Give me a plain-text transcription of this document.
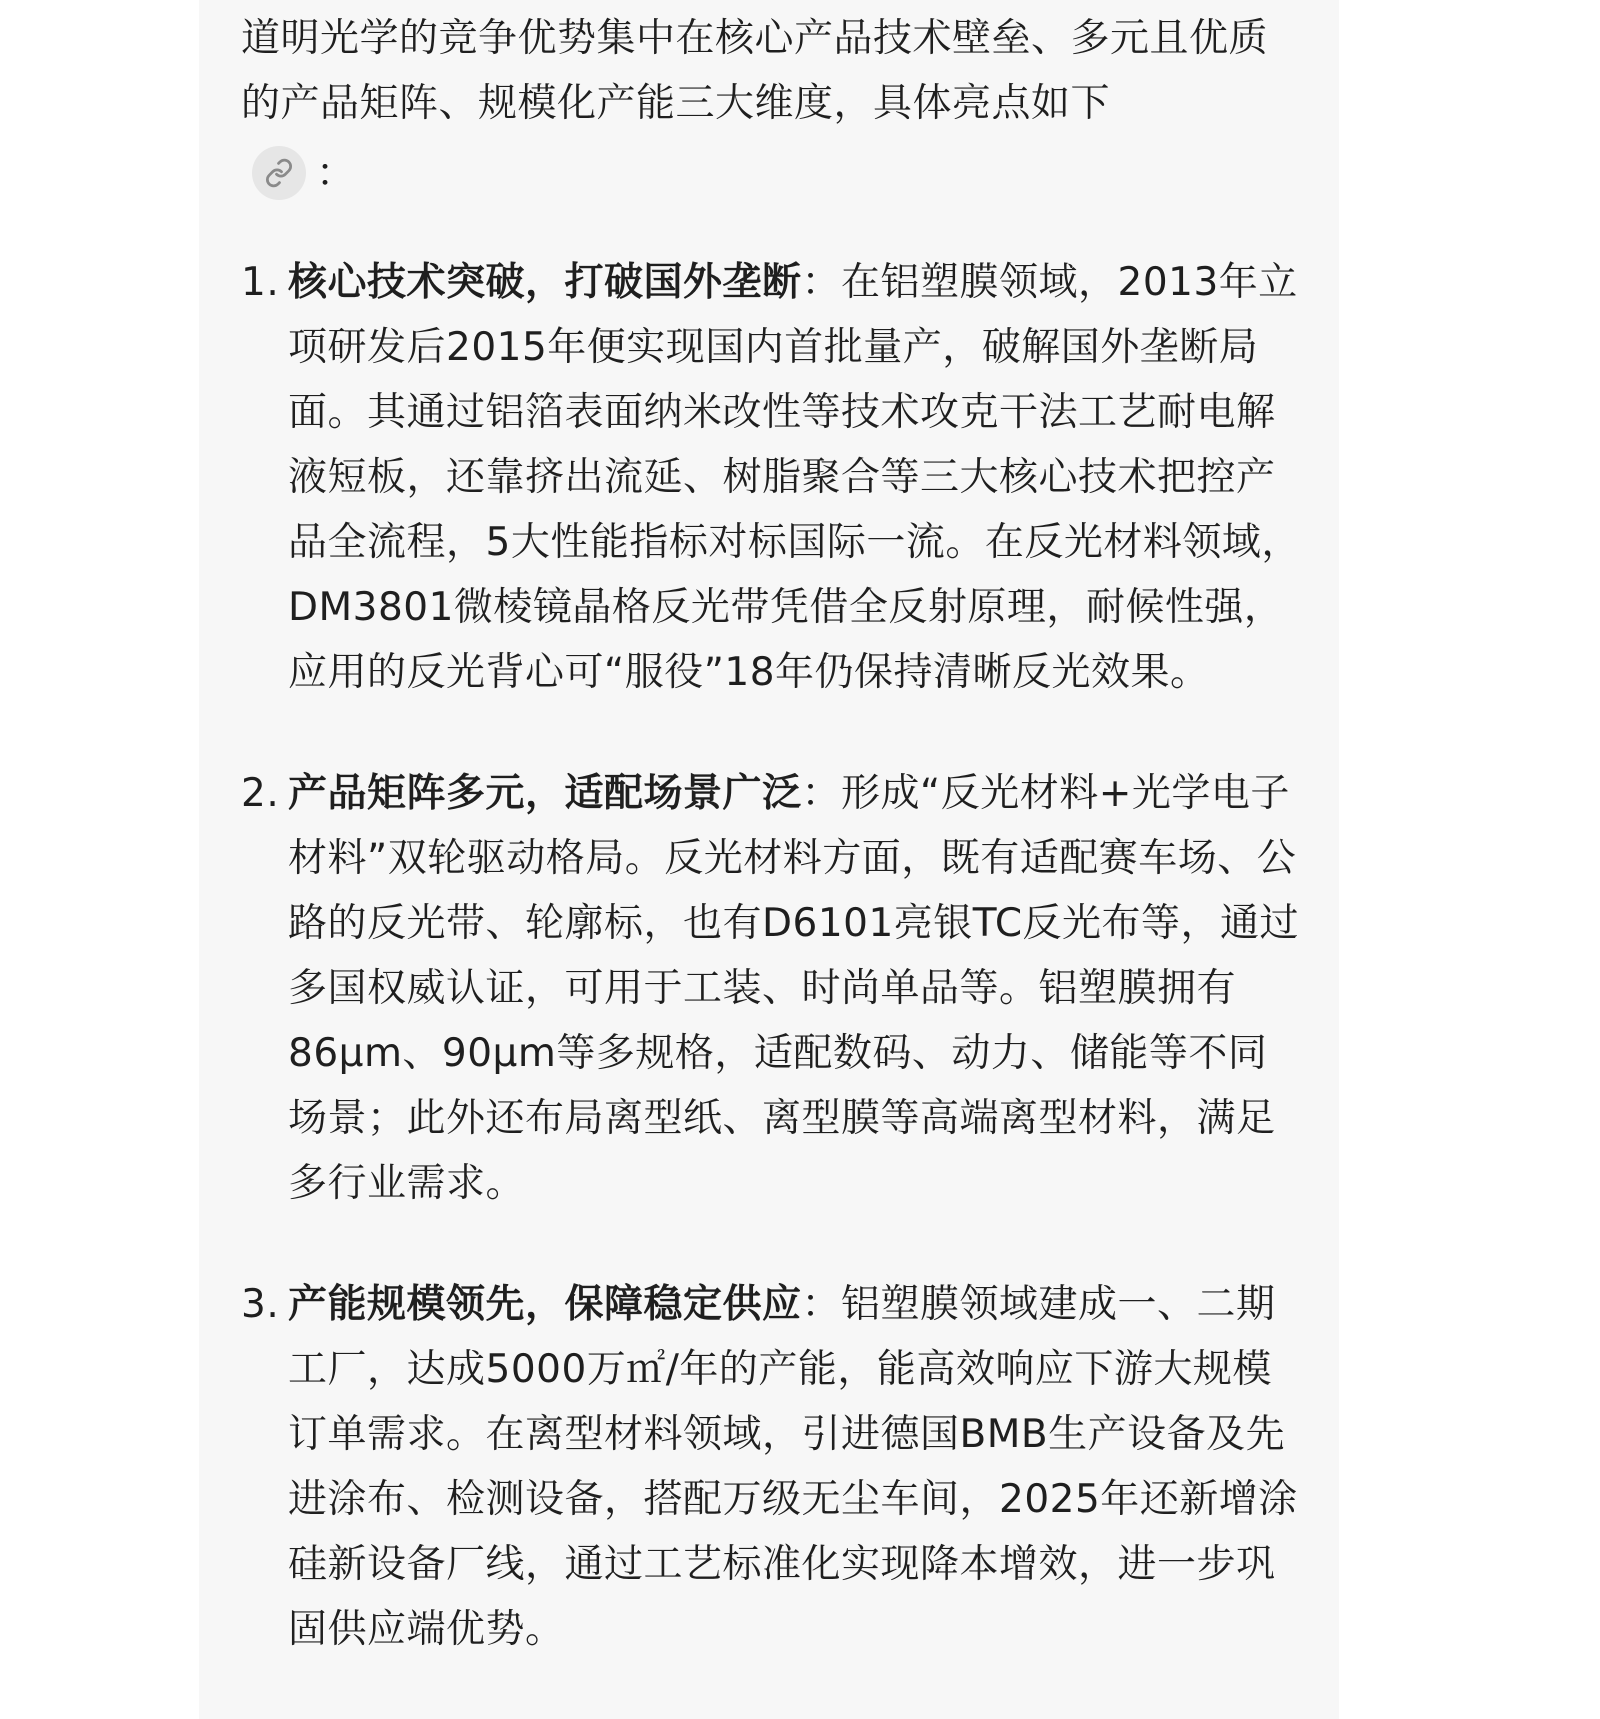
道明光学的竞争优势集中在核心产品技术壁垒、多元且优质的产品矩阵、规模化产能三大维度，具体亮点如下
：
1. 核心技术突破，打破国外垄断：在铝塑膜领域，2013年立项研发后2015年便实现国内首批量产，破解国外垄断局面。其通过铝箔表面纳米改性等技术攻克干法工艺耐电解液短板，还靠挤出流延、树脂聚合等三大核心技术把控产品全流程，5大性能指标对标国际一流。在反光材料领域，DM3801微棱镜晶格反光带凭借全反射原理，耐候性强，应用的反光背心可“服役”18年仍保持清晰反光效果。
2. 产品矩阵多元，适配场景广泛：形成“反光材料+光学电子材料”双轮驱动格局。反光材料方面，既有适配赛车场、公路的反光带、轮廓标，也有D6101亮银TC反光布等，通过多国权威认证，可用于工装、时尚单品等。铝塑膜拥有86μm、90μm等多规格，适配数码、动力、储能等不同场景；此外还布局离型纸、离型膜等高端离型材料，满足多行业需求。
3. 产能规模领先，保障稳定供应：铝塑膜领域建成一、二期工厂，达成5000万㎡/年的产能，能高效响应下游大规模订单需求。在离型材料领域，引进德国BMB生产设备及先进涂布、检测设备，搭配万级无尘车间，2025年还新增涂硅新设备厂线，通过工艺标准化实现降本增效，进一步巩固供应端优势。
